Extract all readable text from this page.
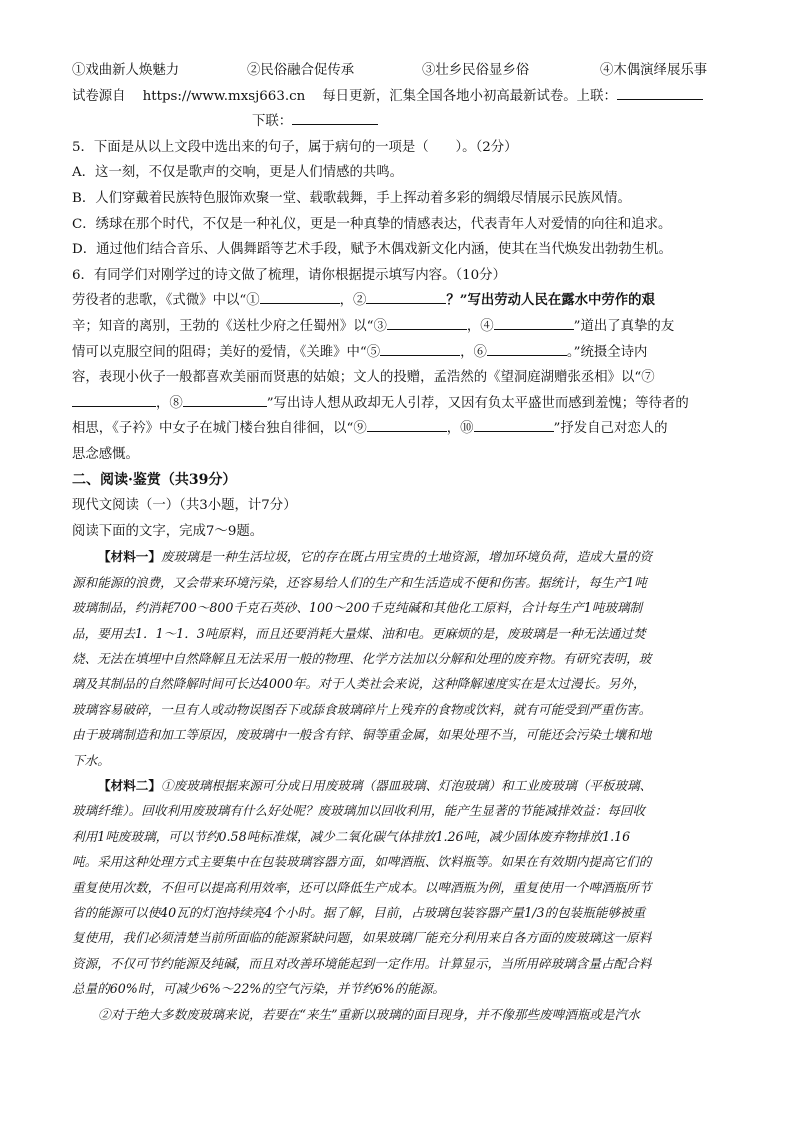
①戏曲新人焕魅力	②民俗融合促传承	③壮乡民俗显乡俗	④木偶演绎展乐事
试卷源自 https://www.mxsj663.cn 每日更新，汇集全国各地小初高最新试卷。上联：
下联：
5．下面是从以上文段中选出来的句子，属于病句的一项是（　　）。（2分）
A．这一刻，不仅是歌声的交响，更是人们情感的共鸣。
B．人们穿戴着民族特色服饰欢聚一堂、载歌载舞，手上挥动着多彩的绸缎尽情展示民族风情。
C．绣球在那个时代，不仅是一种礼仪，更是一种真挚的情感表达，代表青年人对爱情的向往和追求。
D．通过他们结合音乐、人偶舞蹈等艺术手段，赋予木偶戏新文化内涵，使其在当代焕发出勃勃生机。
6．有同学们对刚学过的诗文做了梳理，请你根据提示填写内容。（10分）
劳役者的悲歌，《式微》中以“①	，②	？”写出劳动人民在露水中劳作的艰
辛；知音的离别，王勃的《送杜少府之任蜀州》以“③	，④	”道出了真挚的友
情可以克服空间的阻碍；美好的爱情，《关雎》中“⑤	，⑥	。”统摄全诗内
容，表现小伙子一般都喜欢美丽而贤惠的姑娘；文人的投赠，孟浩然的《望洞庭湖赠张丞相》以“⑦
，⑧	”写出诗人想从政却无人引荐，又因有负太平盛世而感到羞愧；等待者的
相思，《子衿》中女子在城门楼台独自徘徊，以“⑨	，⑩	”抒发自己对恋人的
思念感慨。
二、阅读·鉴赏（共39分）
现代文阅读（一）（共3小题，计7分）
阅读下面的文字，完成7～9题。
【材料一】废玻璃是一种生活垃圾，它的存在既占用宝贵的土地资源，增加环境负荷，造成大量的资
源和能源的浪费，又会带来环境污染，还容易给人们的生产和生活造成不便和伤害。据统计，每生产1吨
玻璃制品，约消耗700～800千克石英砂、100～200千克纯碱和其他化工原料，合计每生产1吨玻璃制
品，要用去1．1～1．3吨原料，而且还要消耗大量煤、油和电。更麻烦的是，废玻璃是一种无法通过焚
烧、无法在填埋中自然降解且无法采用一般的物理、化学方法加以分解和处理的废弃物。有研究表明，玻
璃及其制品的自然降解时间可长达4000年。对于人类社会来说，这种降解速度实在是太过漫长。另外，
玻璃容易破碎，一旦有人或动物误图吞下或舔食玻璃碎片上残弃的食物或饮料，就有可能受到严重伤害。
由于玻璃制造和加工等原因，废玻璃中一般含有锌、铜等重金属，如果处理不当，可能还会污染土壤和地
下水。
【材料二】①废玻璃根据来源可分成日用废玻璃（器皿玻璃、灯泡玻璃）和工业废玻璃（平板玻璃、
玻璃纤维）。回收利用废玻璃有什么好处呢？废玻璃加以回收利用，能产生显著的节能减排效益：每回收
利用1吨废玻璃，可以节约0.58吨标准煤，减少二氧化碳气体排放1.26吨，减少固体废弃物排放1.16
吨。采用这种处理方式主要集中在包装玻璃容器方面，如啤酒瓶、饮料瓶等。如果在有效期内提高它们的
重复使用次数，不但可以提高利用效率，还可以降低生产成本。以啤酒瓶为例，重复使用一个啤酒瓶所节
省的能源可以使40瓦的灯泡持续亮4个小时。据了解，目前，占玻璃包装容器产量1/3的包装瓶能够被重
复使用，我们必须清楚当前所面临的能源紧缺问题，如果玻璃厂能充分利用来自各方面的废玻璃这一原料
资源，不仅可节约能源及纯碱，而且对改善环境能起到一定作用。计算显示，当所用碎玻璃含量占配合料
总量的60%时，可减少6%～22%的空气污染，并节约6%的能源。
②对于绝大多数废玻璃来说，若要在“来生”重新以玻璃的面目现身，并不像那些废啤酒瓶或是汽水
